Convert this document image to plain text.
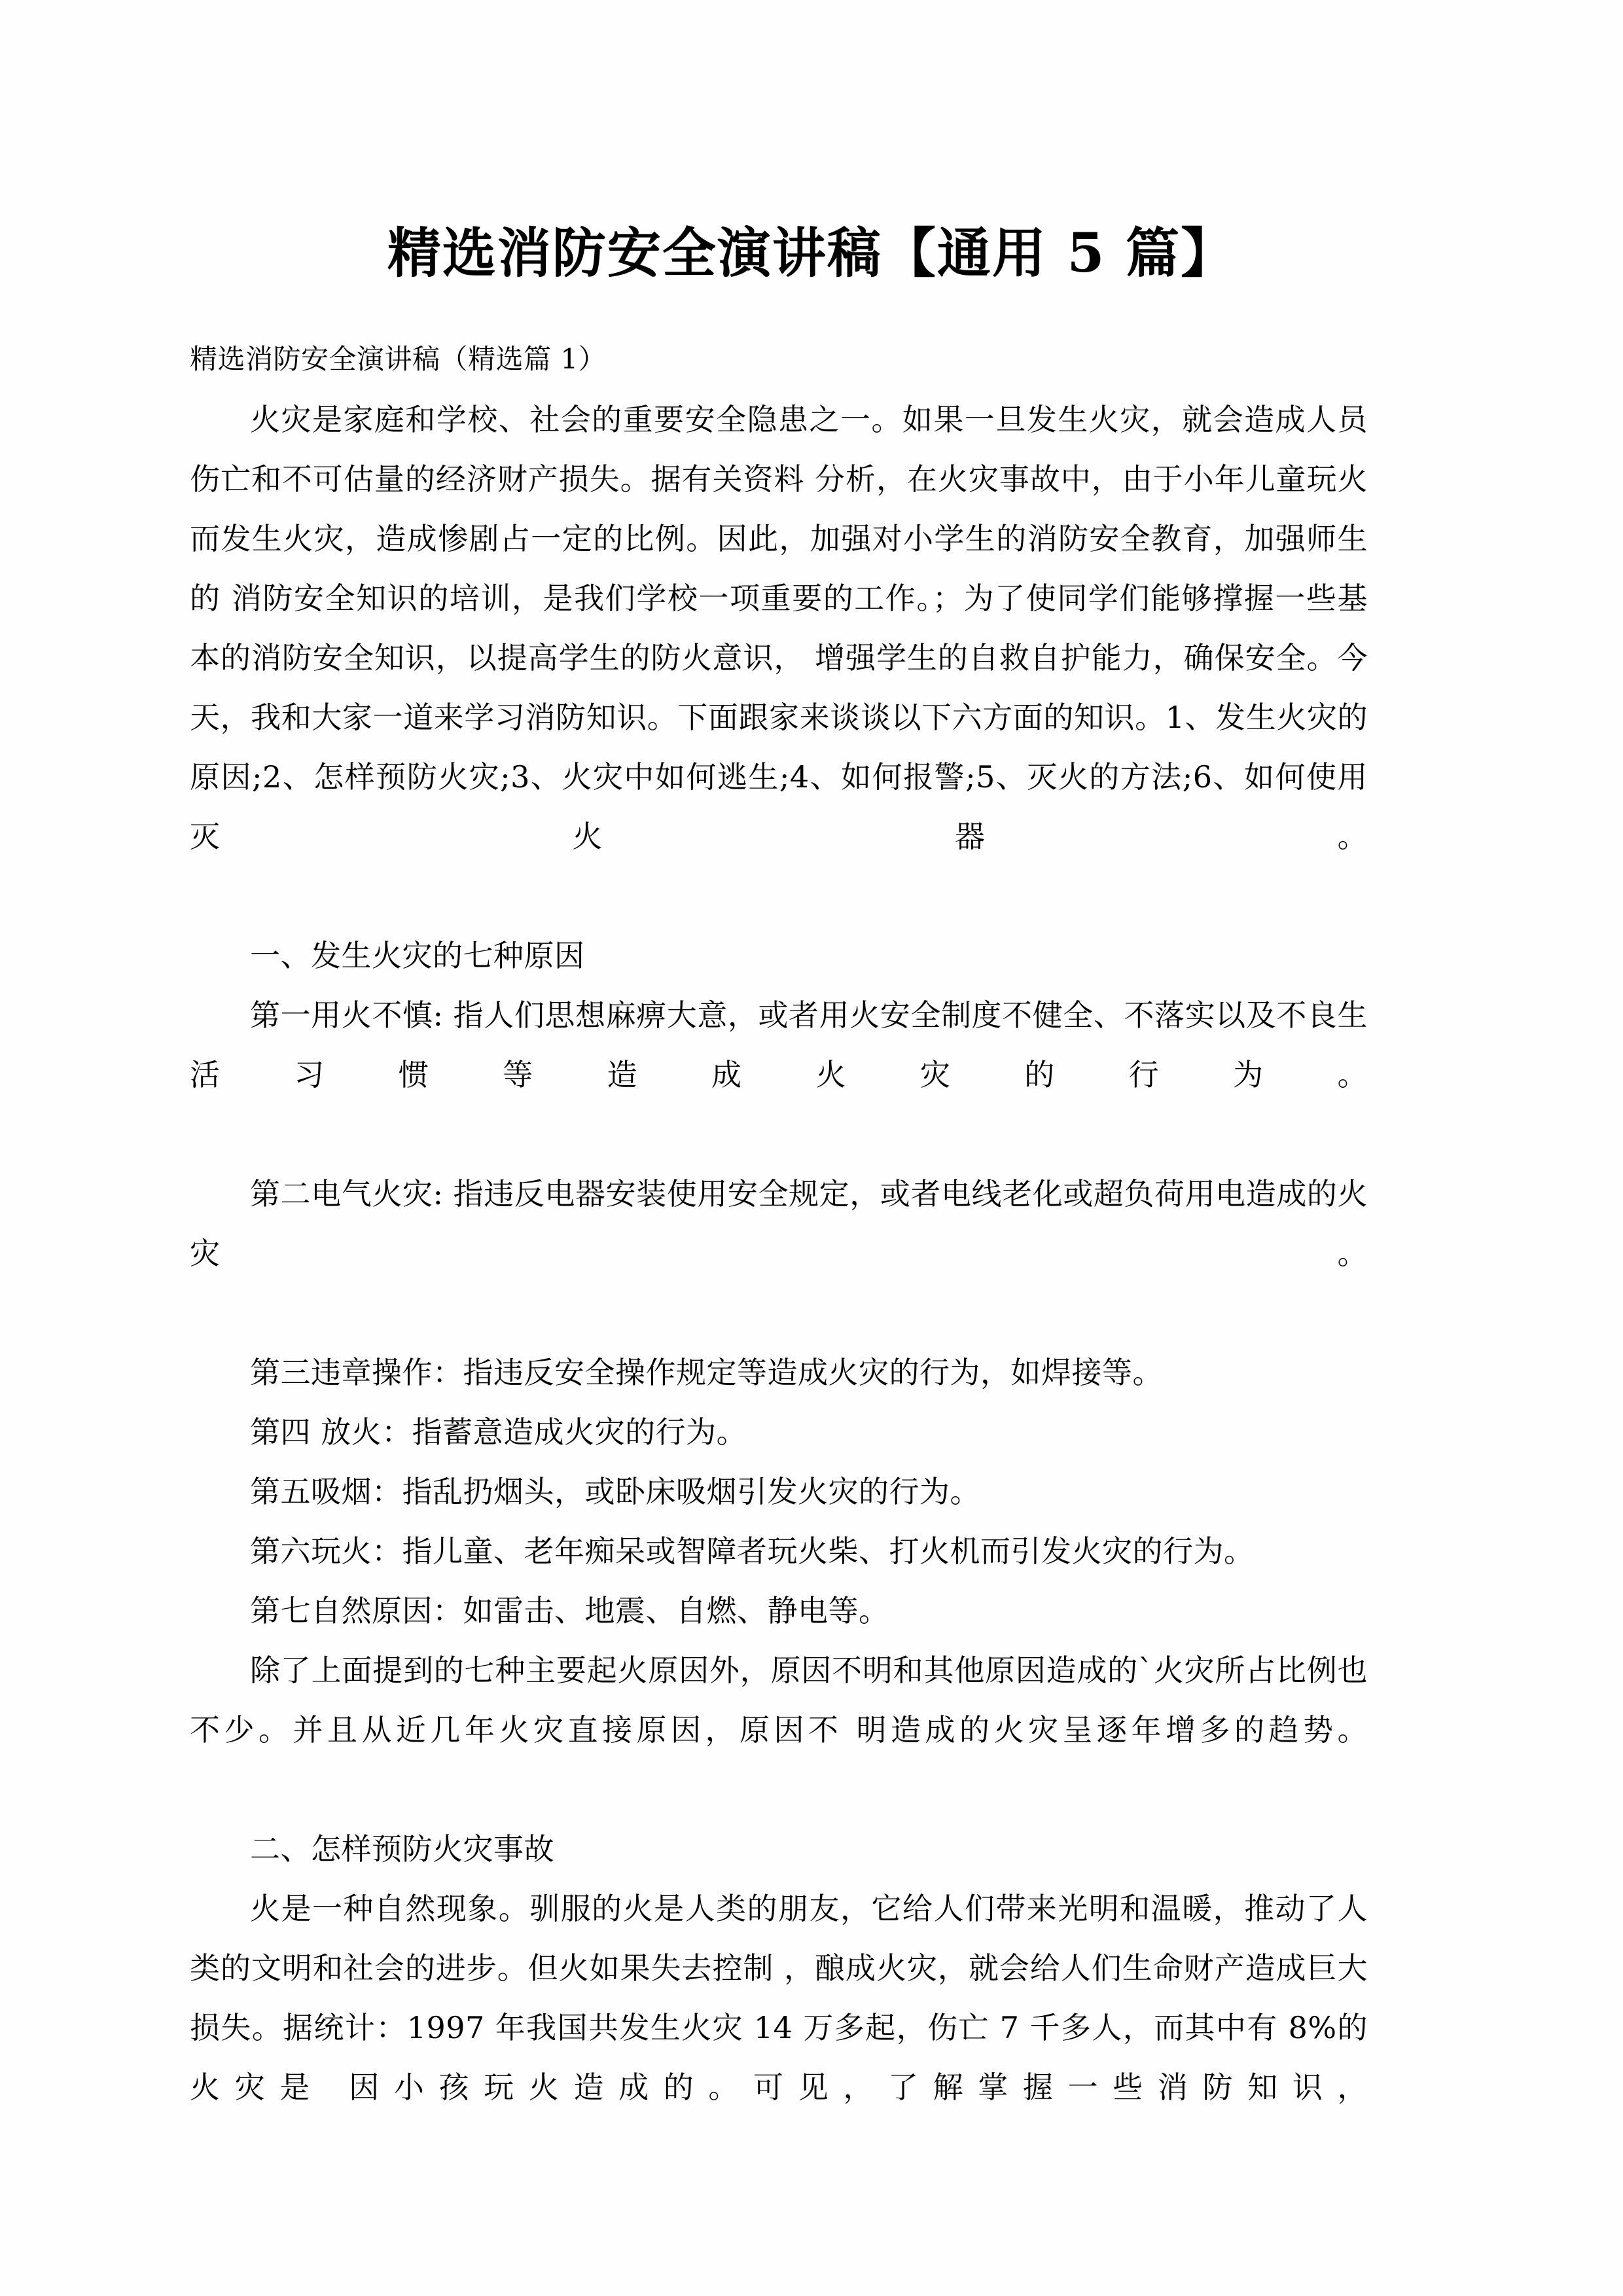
精选消防安全演讲稿【通用 5 篇】

精选消防安全演讲稿（精选篇 1）

火灾是家庭和学校、社会的重要安全隐患之一。如果一旦发生火灾，就会造成人员伤亡和不可估量的经济财产损失。据有关资料 分析，在火灾事故中，由于小年儿童玩火而发生火灾，造成惨剧占一定的比例。因此，加强对小学生的消防安全教育，加强师生的 消防安全知识的培训，是我们学校一项重要的工作。；为了使同学们能够撑握一些基本的消防安全知识，以提高学生的防火意识， 增强学生的自救自护能力，确保安全。今天，我和大家一道来学习消防知识。下面跟家来谈谈以下六方面的知识。1、发生火灾的 原因;2、怎样预防火灾;3、火灾中如何逃生;4、如何报警;5、灭火的方法;6、如何使用灭火器。

一、发生火灾的七种原因

第一用火不慎: 指人们思想麻痹大意，或者用火安全制度不健全、不落实以及不良生活习惯等造成火灾的行为。

第二电气火灾: 指违反电器安装使用安全规定，或者电线老化或超负荷用电造成的火灾。

第三违章操作：指违反安全操作规定等造成火灾的行为，如焊接等。

第四 放火：指蓄意造成火灾的行为。

第五吸烟：指乱扔烟头，或卧床吸烟引发火灾的行为。

第六玩火：指儿童、老年痴呆或智障者玩火柴、打火机而引发火灾的行为。

第七自然原因：如雷击、地震、自燃、静电等。

除了上面提到的七种主要起火原因外，原因不明和其他原因造成的`火灾所占比例也不少。并且从近几年火灾直接原因，原因不 明造成的火灾呈逐年增多的趋势。

二、怎样预防火灾事故

火是一种自然现象。驯服的火是人类的朋友，它给人们带来光明和温暖，推动了人类的文明和社会的进步。但火如果失去控制 ，酿成火灾，就会给人们生命财产造成巨大损失。据统计：1997 年我国共发生火灾 14 万多起，伤亡 7 千多人，而其中有 8%的火灾是 因小孩玩火造成的。可见，了解掌握一些消防知识，
